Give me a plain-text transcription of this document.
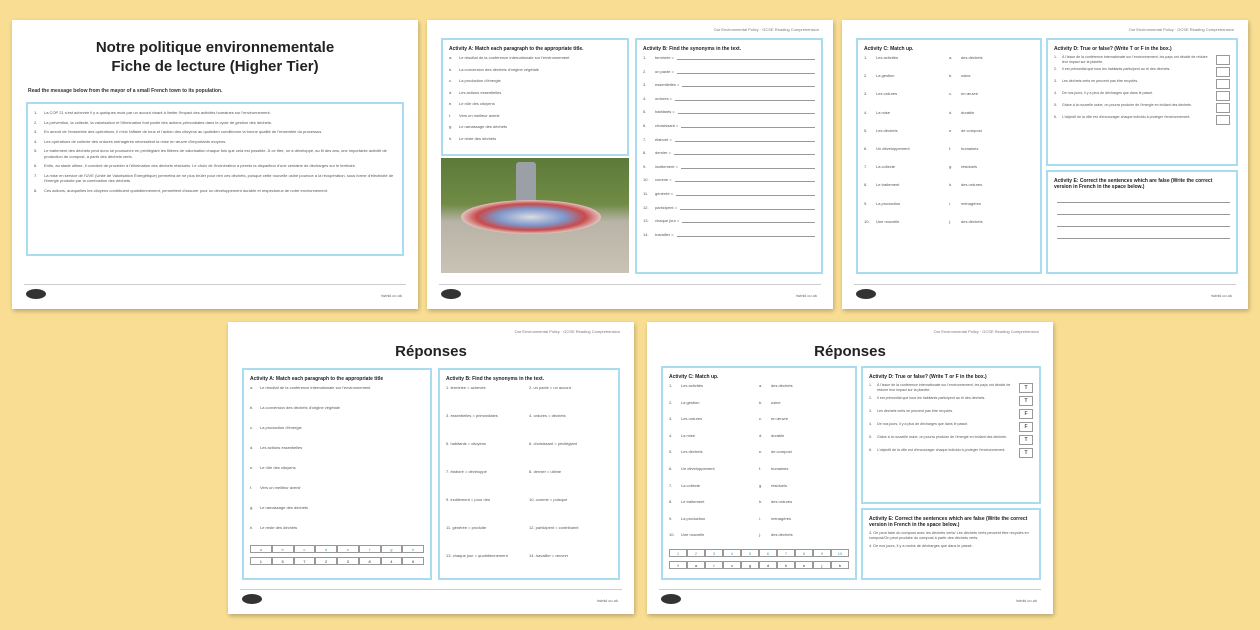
Notre politique environnementale
Fiche de lecture (Higher Tier)
Read the message below from the mayor of a small French town to its population.
1.	La COP 21 s'est achevée il y a quelques mois par un accord visant à limiter l'impact des activités humaines sur l'environnement.
2.	La prévention, la collecte, la valorisation et l'élimination font partie des actions primordiales dans le cycle de gestion des déchets.
3.	En amont de l'ensemble des opérations, il n'est l'affaire de tous et l'action des citoyens au quotidien conditionne la bonne qualité de l'ensemble du processus.
4.	Les opérations de collecte des ordures ménagères nécessitent la mise en œuvre d'importants moyens.
5.	Le traitement des déchets peut donc se poursuivre en privilégiant les filières de valorisation chaque fois que cela est possible. À ce titre, on a développé, au fil des ans, une importante activité de production de compost, à partir des déchets verts.
6.	Enfin, au stade ultime, il convient de procéder à l'élimination des déchets résiduels. Le choix de l'incinération a permis la disparition d'une centaine de décharges sur le territoire.
7.	La mise en service de l'UVE (Unité de Valorisation Énergétique) permettra de ne plus brûler pour rien ces déchets, puisque cette nouvelle usine pourvue à la récupération, sous forme d'électricité de l'énergie produite par la combustion des déchets.
8.	Ces actions, auxquelles les citoyens contribuent quotidiennement, permettent d'assurer pour un développement durable et respectueux de notre environnement.
twinkl.co.uk
Our Environmental Policy · GCSE Reading Comprehension
Activity A: Match each paragraph to the appropriate title.
a.	Le résultat de la conférence internationale sur l'environnement
b.	La conversion des déchets d'origine végétale
c.	La production d'énergie
d.	Les actions essentielles
e.	Le rôle des citoyens
f.	Vers un meilleur avenir
g.	Le ramassage des déchets
h.	Le reste des déchets
Activity B: Find the synonyms in the text.
1.	terminée =
2.	un pacte =
3.	essentielles =
4.	ordures =
5.	habitants =
6.	choisissant =
7.	élaboré =
8.	dernier =
9.	inutilement =
10.	comme =
11.	générée =
12.	participent =
13.	chaque jour =
14.	travailler =
twinkl.co.uk
Our Environmental Policy · GCSE Reading Comprehension
Activity C: Match up.
1.	Les activités	a.	des déchets
2.	La gestion	b.	usine
3.	Les ordures	c.	en œuvre
4.	La mise	d.	durable
5.	Les déchets	e.	de compost
6.	Un développement	f.	humaines
7.	La collecte	g.	résiduels
8.	Le traitement	h.	des ordures
9.	La production	i.	ménagères
10.	Une nouvelle	j.	des déchets
Activity D: True or false? (Write T or F in the box.)
1.	À l'issue de la conférence internationale sur l'environnement, les pays ont décidé de réduire leur impact sur la planète.
2.	Il est primordial que tous les habitants participent au tri des déchets.
3.	Les déchets verts ne peuvent pas être recyclés.
4.	De nos jours, il y a plus de décharges que dans le passé.
5.	Grâce à la nouvelle usine, on pourra produire de l'énergie en brûlant des déchets.
6.	L'objectif de la ville est d'encourager chaque individu à protéger l'environnement.
Activity E: Correct the sentences which are false (Write the correct version in French in the space below.)
twinkl.co.uk
Our Environmental Policy · GCSE Reading Comprehension
Réponses
Activity A: Match each paragraph to the appropriate title
a.	Le résultat de la conférence internationale sur l'environnement
b.	La conversion des déchets d'origine végétale
c.	La production d'énergie
d.	Les actions essentielles
e.	Le rôle des citoyens
f.	Vers un meilleur avenir
g.	Le ramassage des déchets
h.	Le reste des déchets
a	b	c	d	e	f	g	h
1	5	7	2	3	8	4	6
Activity B: Find the synonyms in the text.
1. terminée = achevée	2. un pacte = un accord
3. essentielles = primordiales	4. ordures = déchets
5. habitants = citoyens	6. choisissant = privilégiant
7. élaboré = développé	8. dernier = ultime
9. inutilement = pour rien	10. comme = puisque
11. générée = produite	12. participent = contribuent
13. chaque jour = quotidiennement	14. travailler = œuvrer
twinkl.co.uk
Our Environmental Policy · GCSE Reading Comprehension
Réponses
Activity C: Match up.
1.	Les activités	a.	des déchets
2.	La gestion	b.	usine
3.	Les ordures	c.	en œuvre
4.	La mise	d.	durable
5.	Les déchets	e.	de compost
6.	Un développement	f.	humaines
7.	La collecte	g.	résiduels
8.	Le traitement	h.	des ordures
9.	La production	i.	ménagères
10.	Une nouvelle	j.	des déchets
1	2	3	4	5	6	7	8	9	10
f	a	i	c	g	d	h	e	j	b
Activity D: True or false? (Write T or F in the box.)
1.	À l'issue de la conférence internationale sur l'environnement, les pays ont décidé de réduire leur impact sur la planète.	T
2.	Il est primordial que tous les habitants participent au tri des déchets.	T
3.	Les déchets verts ne peuvent pas être recyclés.	F
4.	De nos jours, il y a plus de décharges que dans le passé.	F
5.	Grâce à la nouvelle usine, on pourra produire de l'énergie en brûlant des déchets.	T
6.	L'objectif de la ville est d'encourager chaque individu à protéger l'environnement.	T
Activity E: Correct the sentences which are false (Write the correct version in French in the space below.)
3. On peut faire du compost avec les déchets verts/ Les déchets verts peuvent être recyclés en compost/On peut produire du compost à partir des déchets verts.
4. De nos jours, il y a moins de décharges que dans le passé.
twinkl.co.uk
